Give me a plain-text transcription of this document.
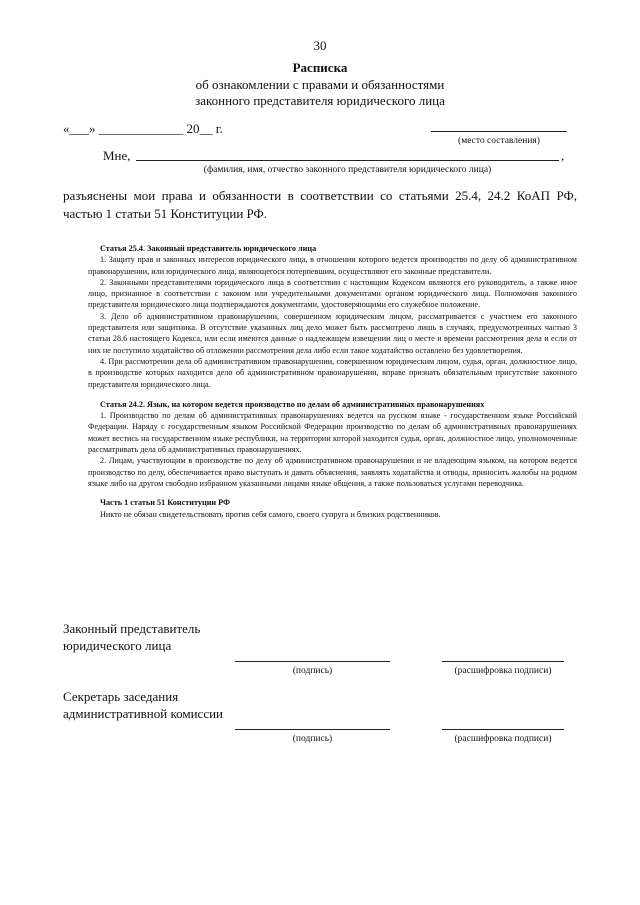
30
Расписка
об ознакомлении с правами и обязанностями
законного представителя юридического лица
«___» _____________ 20__ г.
(место составления)
Мне,	,
(фамилия, имя, отчество законного представителя юридического лица)
разъяснены мои права и обязанности в соответствии со статьями 25.4, 24.2 КоАП РФ, частью 1 статьи 51 Конституции РФ.

Статья 25.4. Законный представитель юридического лица

1. Защиту прав и законных интересов юридического лица, в отношении которого ведется производство по делу об административном правонарушении, или юридического лица, являющегося потерпевшим, осуществляют его законные представители.

2. Законными представителями юридического лица в соответствии с настоящим Кодексом являются его руководитель, а также иное лицо, признанное в соответствии с законом или учредительными документами органом юридического лица. Полномочия законного представителя юридического лица подтверждаются документами, удостоверяющими его служебное положение.

3. Дело об административном правонарушении, совершенном юридическим лицом, рассматривается с участием его законного представителя или защитника. В отсутствие указанных лиц дело может быть рассмотрено лишь в случаях, предусмотренных частью 3 статьи 28.6 настоящего Кодекса, или если имеются данные о надлежащем извещении лиц о месте и времени рассмотрения дела и если от них не поступило ходатайство об отложении рассмотрения дела либо если такое ходатайство оставлено без удовлетворения.

4. При рассмотрении дела об административном правонарушении, совершенном юридическим лицом, судья, орган, должностное лицо, в производстве которых находится дело об административном правонарушении, вправе признать обязательным присутствие законного представителя юридического лица.

Статья 24.2. Язык, на котором ведется производство по делам об административных правонарушениях

1. Производство по делам об административных правонарушениях ведется на русском языке - государственном языке Российской Федерации. Наряду с государственным языком Российской Федерации производство по делам об административных правонарушениях может вестись на государственном языке республики, на территории которой находится судья, орган, должностное лицо, уполномоченные рассматривать дела об административных правонарушениях.

2. Лицам, участвующим в производстве по делу об административном правонарушении и не владеющим языком, на котором ведется производство по делу, обеспечивается право выступать и давать объяснения, заявлять ходатайства и отводы, приносить жалобы на родном языке либо на другом свободно избранном указанными лицами языке общения, а также пользоваться услугами переводчика.

Часть 1 статьи 51 Конституции РФ

Никто не обязан свидетельствовать против себя самого, своего супруга и близких родственников.

Законный представитель
юридического лица
(подпись)	(расшифровка подписи)
Секретарь заседания
административной комиссии
(подпись)	(расшифровка подписи)
